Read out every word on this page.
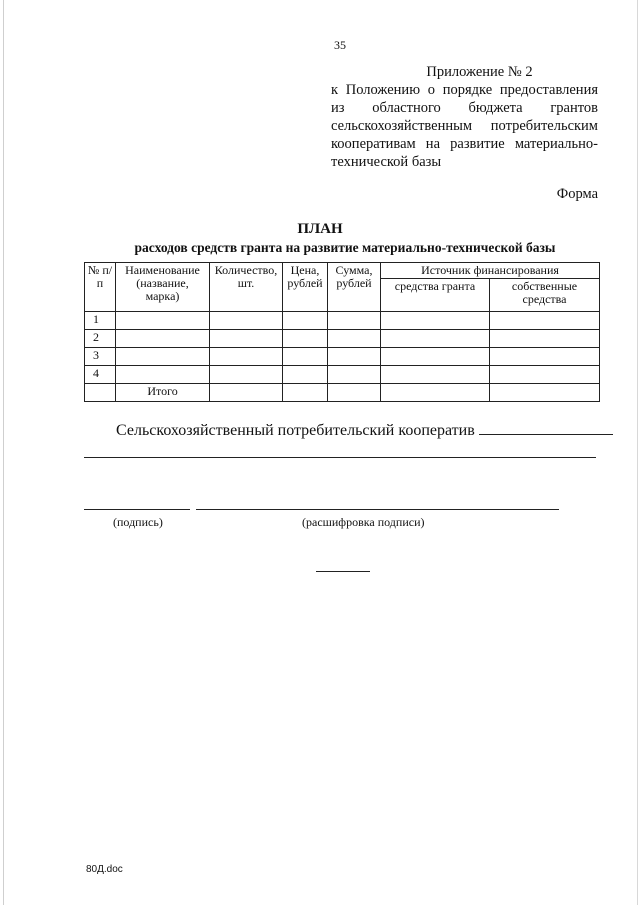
35
Приложение № 2
к Положению о порядке предоставления из областного бюджета грантов сельскохозяйственным потребительским кооперативам на развитие материально-технической базы
Форма
ПЛАН
расходов средств гранта на развитие материально-технической базы
№ п/п	Наименование (название, марка)	Количество, шт.	Цена, рублей	Сумма, рублей	Источник финансирования	
					средства гранта	собственные средства
1						
2						
3						
4						
	Итого					
Сельскохозяйственный потребительский кооператив
(подпись)	(расшифровка подписи)
80Д.doc
